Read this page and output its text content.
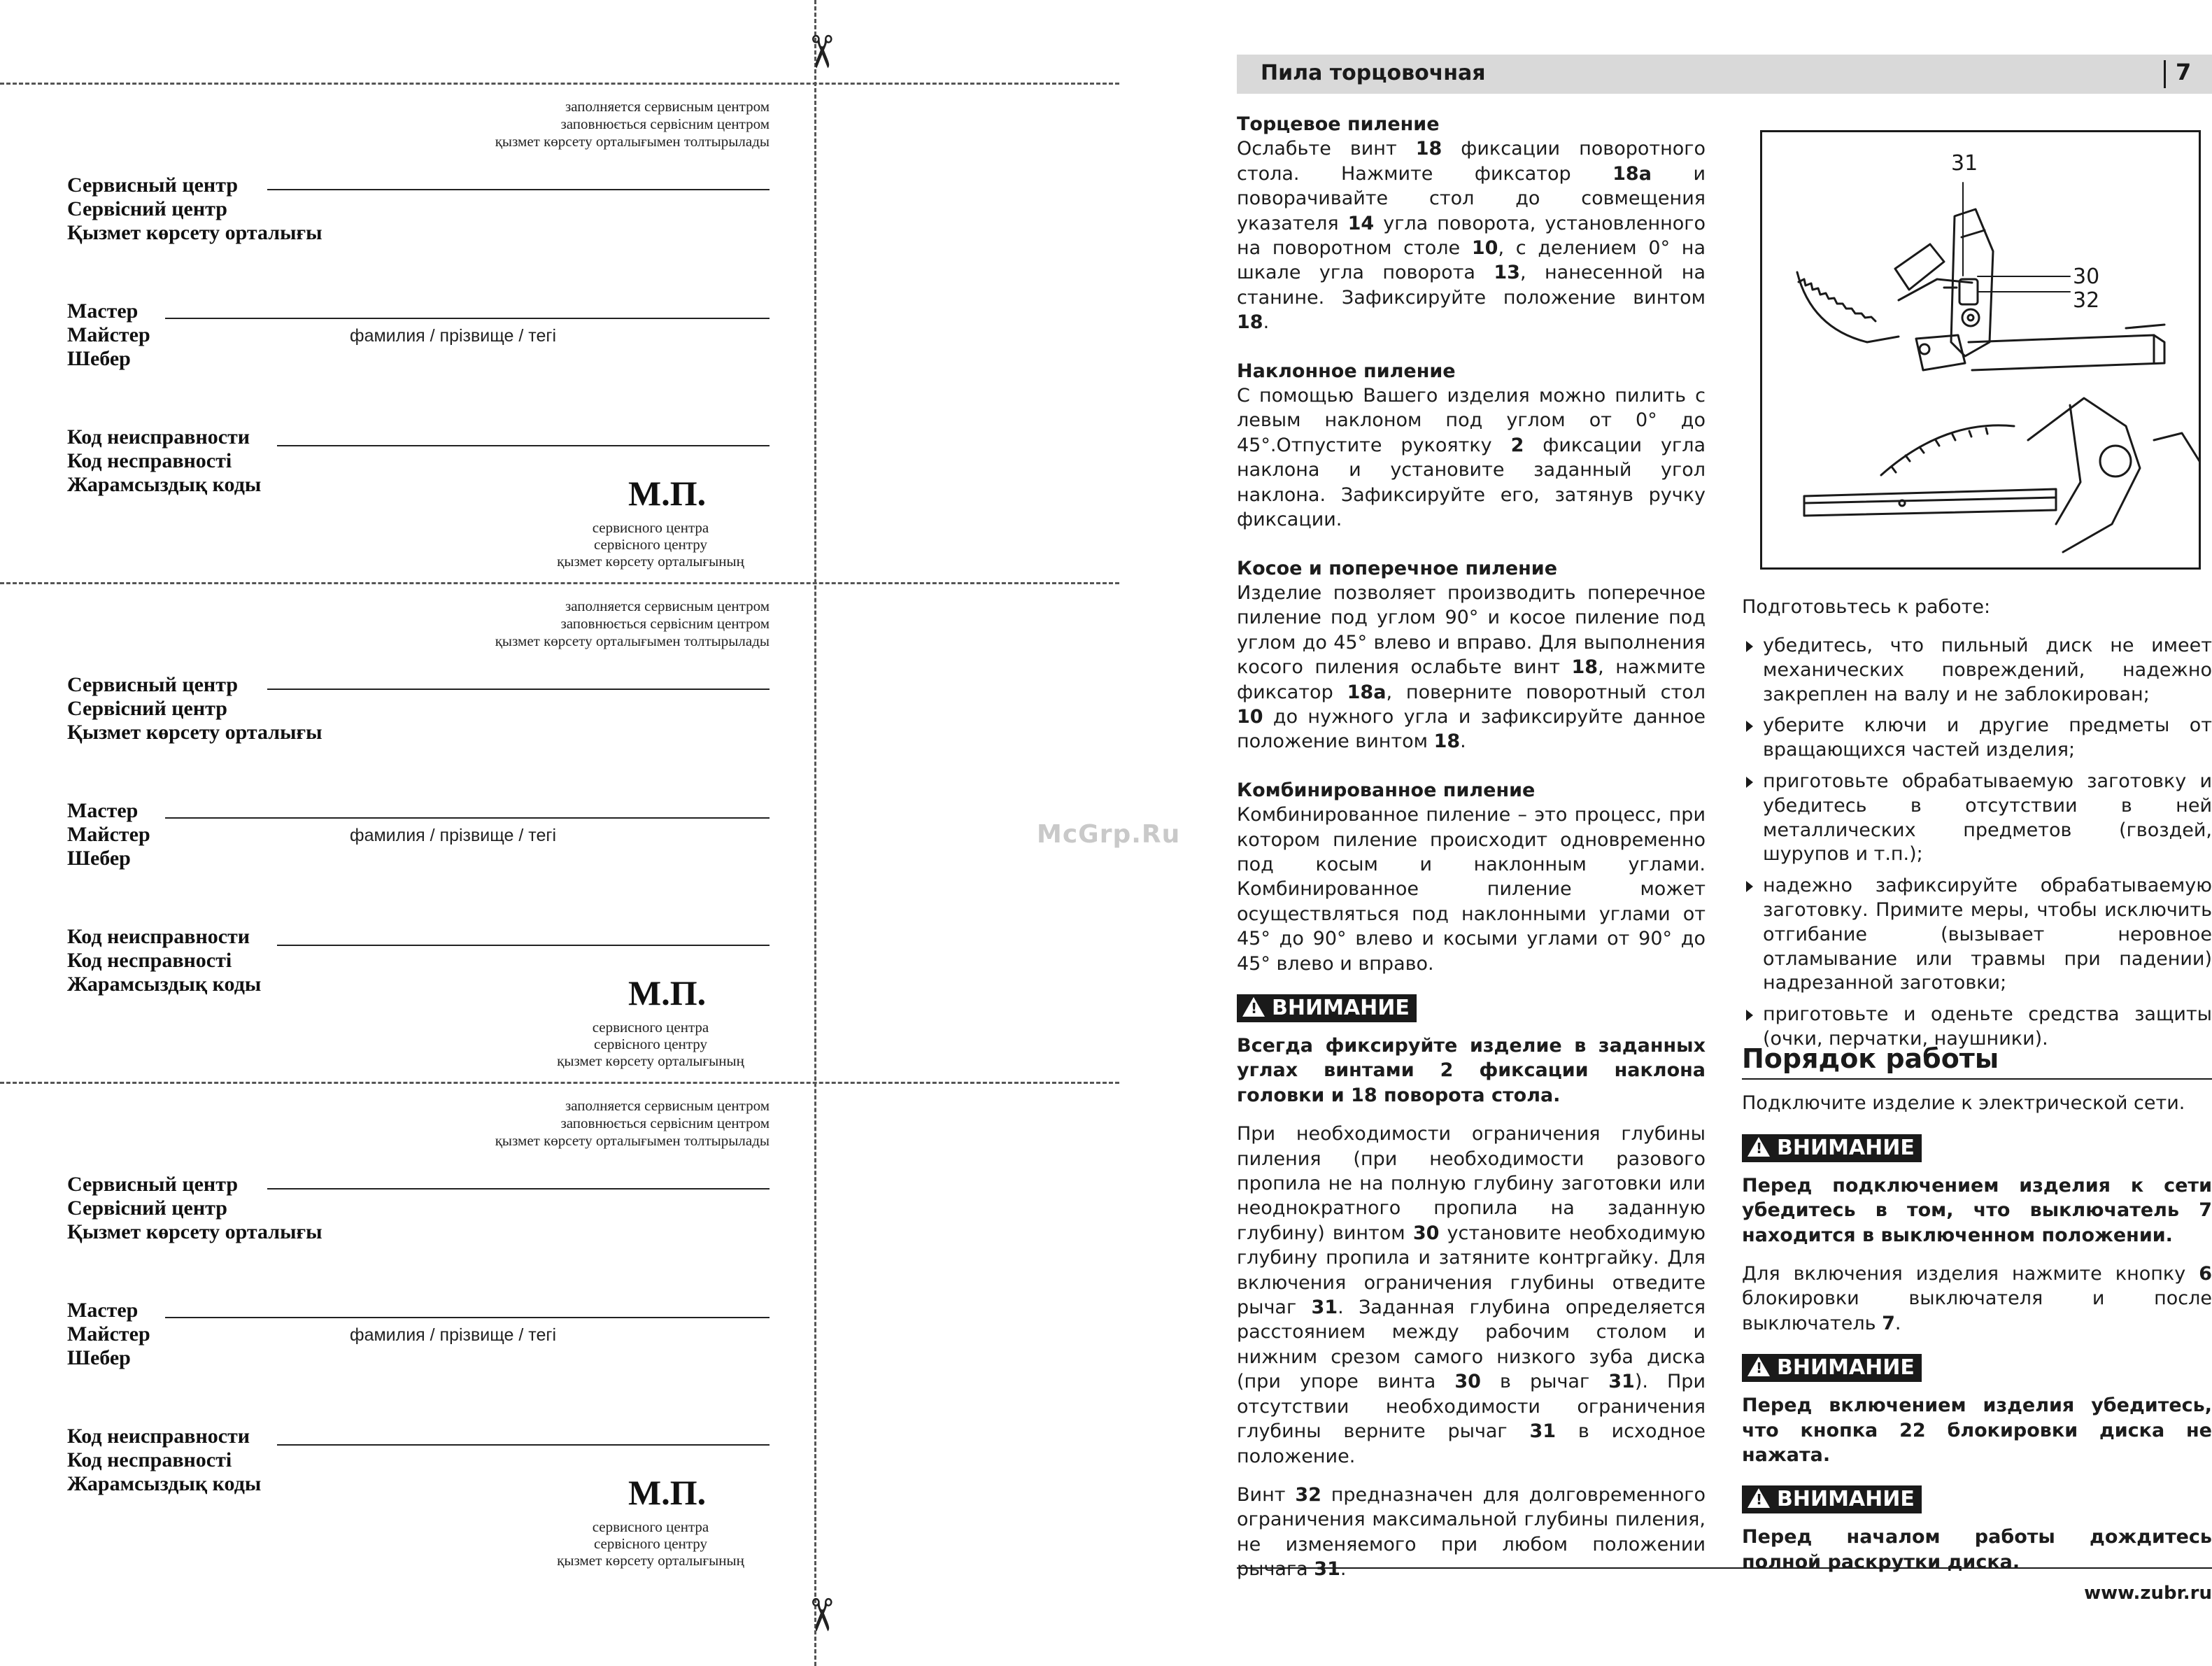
✂
✂
заполняется сервисным центром
заповнюється сервісним центром
қызмет көрсету орталығымен толтырылады
Сервисный центр
Сервісний центр
Қызмет көрсету орталығы
Мастер
Майстер
Шебер
фамилия / прізвище / тегі
Код неисправности
Код несправності
Жарамсыздық коды	М.П.
сервисного центра
сервісного центру
қызмет көрсету орталығының
заполняется сервисным центром
заповнюється сервісним центром
қызмет көрсету орталығымен толтырылады
Сервисный центр
Сервісний центр
Қызмет көрсету орталығы
Мастер
Майстер
Шебер
фамилия / прізвище / тегі
Код неисправности
Код несправності
Жарамсыздық коды	М.П.
сервисного центра
сервісного центру
қызмет көрсету орталығының
заполняется сервисным центром
заповнюється сервісним центром
қызмет көрсету орталығымен толтырылады
Сервисный центр
Сервісний центр
Қызмет көрсету орталығы
Мастер
Майстер
Шебер
фамилия / прізвище / тегі
Код неисправности
Код несправності
Жарамсыздық коды	М.П.
сервисного центра
сервісного центру
қызмет көрсету орталығының
McGrp.Ru
Пила торцовочная	7
Торцевое пиление
Ослабьте винт 18 фиксации поворотного стола. Нажмите фиксатор 18а и поворачивайте стол до совмещения указателя 14 угла поворота, установленного на поворотном столе 10, с делением 0° на шкале угла поворота 13, нанесенной на станине. Зафиксируйте положение винтом 18.
Наклонное пиление
С помощью Вашего изделия можно пилить с левым наклоном под углом от 0° до 45°.Отпустите рукоятку 2 фиксации угла наклона и установите заданный угол наклона. Зафиксируйте его, затянув ручку фиксации.
Косое и поперечное пиление
Изделие позволяет производить поперечное пиление под углом 90° и косое пиление под углом до 45° влево и вправо. Для выполнения косого пиления ослабьте винт 18, нажмите фиксатор 18а, поверните поворотный стол 10 до нужного угла и зафиксируйте данное положение винтом 18.
Комбинированное пиление
Комбинированное пиление – это процесс, при котором пиление происходит одновременно под косым и наклонным углами. Комбинированное пиление может осуществляться под наклонными углами от 45° до 90° влево и косыми углами от 90° до 45° влево и вправо.
! ВНИМАНИЕ
Всегда фиксируйте изделие в заданных углах винтами 2 фиксации наклона головки и 18 поворота стола.
При необходимости ограничения глубины пиления (при необходимости разового пропила не на полную глубину заготовки или неоднократного пропила на заданную глубину) винтом 30 установите необходимую глубину пропила и затяните контргайку. Для включения ограничения глубины отведите рычаг 31. Заданная глубина определяется расстоянием между рабочим столом и нижним срезом самого низкого зуба диска (при упоре винта 30 в рычаг 31). При отсутствии необходимости ограничения глубины верните рычаг 31 в исходное положение.
Винт 32 предназначен для долговременного ограничения максимальной глубины пиления, не изменяемого при любом положении рычага 31.
31
30
32
Подготовьтесь к работе:
убедитесь, что пильный диск не имеет механических повреждений, надежно закреплен на валу и не заблокирован;
уберите ключи и другие предметы от вращающихся частей изделия;
приготовьте обрабатываемую заготовку и убедитесь в отсутствии в ней металлических предметов (гвоздей, шурупов и т.п.);
надежно зафиксируйте обрабатываемую заготовку. Примите меры, чтобы исключить отгибание (вызывает неровное отламывание или травмы при падении) надрезанной заготовки;
приготовьте и оденьте средства защиты (очки, перчатки, наушники).
Порядок работы
Подключите изделие к электрической сети.
! ВНИМАНИЕ
Перед подключением изделия к сети убедитесь в том, что выключатель 7 находится в выключенном положении.
Для включения изделия нажмите кнопку 6 блокировки выключателя и после выключатель 7.
! ВНИМАНИЕ
Перед включением изделия убедитесь, что кнопка 22 блокировки диска не нажата.
! ВНИМАНИЕ
Перед началом работы дождитесь полной раскрутки диска.
www.zubr.ru
